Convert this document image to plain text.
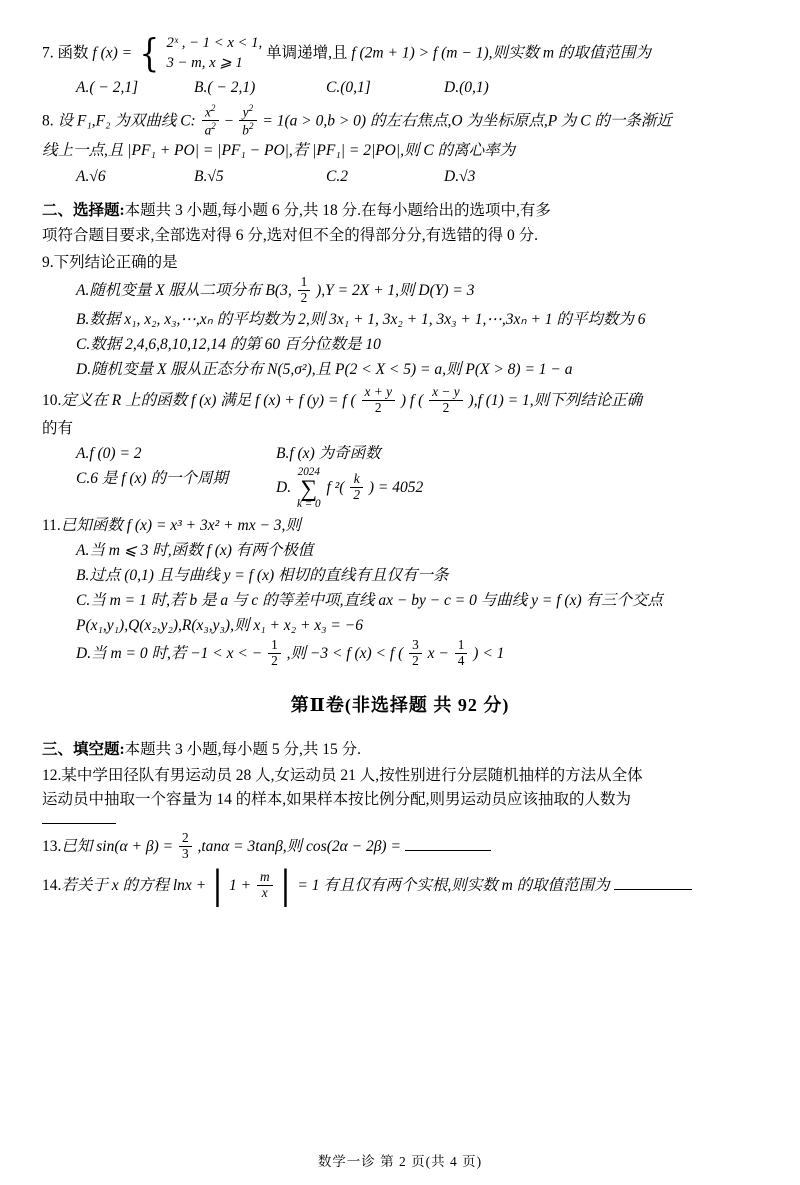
7. 函数 f (x) = {
2ˣ , − 1 < x < 1,
3 − m, x ⩾ 1
单调递增,且 f (2m + 1) > f (m − 1),则实数 m 的取值范围为
A.( − 2,1]	B.( − 2,1)	C.(0,1]	D.(0,1)
8. 设 F₁,F₂ 为双曲线 C: $\frac{x^2}{a^2} - \frac{y^2}{b^2} = 1(a > 0,b > 0)$ 的左右焦点,O 为坐标原点,P 为 C 的一条渐近
线上一点,且 |PF₁ + PO| = |PF₁ − PO|,若 |PF₁| = 2|PO|,则 C 的离心率为
A.√6	B.√5	C.2	D.√3
二、选择题:本题共 3 小题,每小题 6 分,共 18 分.在每小题给出的选项中,有多
项符合题目要求,全部选对得 6 分,选对但不全的得部分分,有选错的得 0 分.
9.下列结论正确的是
A.随机变量 X 服从二项分布 B(3, $\frac{1}{2} ),Y = 2X + 1$,则 D(Y) = 3
B.数据 x₁, x₂, x₃,⋯,xₙ 的平均数为 2,则 3x₁ + 1, 3x₂ + 1, 3x₃ + 1,⋯,3xₙ + 1 的平均数为 6
C.数据 2,4,6,8,10,12,14 的第 60 百分位数是 10
D.随机变量 X 服从正态分布 N(5,σ²),且 P(2 < X < 5) = a,则 P(X > 8) = 1 − a
10.定义在 R 上的函数 f (x) 满足 f (x) + f (y) = f ( $\frac{x + y}{2}$ ) f ( $\frac{x - y}{2} ),f$ (1) = 1,则下列结论正确
的有
A.f (0) = 2	B.f (x) 为奇函数
C.6 是 f (x) 的一个周期
D.
2024
∑
k = 0
f $^2( \frac{k}{2}$ ) = 4052
11.已知函数 f (x) = x³ + 3x² + mx − 3,则
A.当 m ⩽ 3 时,函数 f (x) 有两个极值
B.过点 (0,1) 且与曲线 y = f (x) 相切的直线有且仅有一条
C.当 m = 1 时,若 b 是 a 与 c 的等差中项,直线 ax − by − c = 0 与曲线 y = f (x) 有三个交点
P(x₁,y₁),Q(x₂,y₂),R(x₃,y₃),则 x₁ + x₂ + x₃ = −6
D.当 m = 0 时,若 −1 < x < − $\frac{1}{2}$ ,则 −3 < f (x) < f ( $\frac{3}{2}$ $x - \frac{1}{4}$ ) < 1
第Ⅱ卷(非选择题 共 92 分)
三、填空题:本题共 3 小题,每小题 5 分,共 15 分.
12.某中学田径队有男运动员 28 人,女运动员 21 人,按性别进行分层随机抽样的方法从全体
运动员中抽取一个容量为 14 的样本,如果样本按比例分配,则男运动员应该抽取的人数为
13.已知 $\sin(\alpha + \beta) = \frac{2}{3} ,\tan\alpha = 3\tan\beta$,则 cos(2α − 2β) =
14.若关于 x 的方程 lnx + | $1 + \frac{m}{x}$
| = 1 有且仅有两个实根,则实数 m 的取值范围为
数学一诊 第 2 页(共 4 页)
